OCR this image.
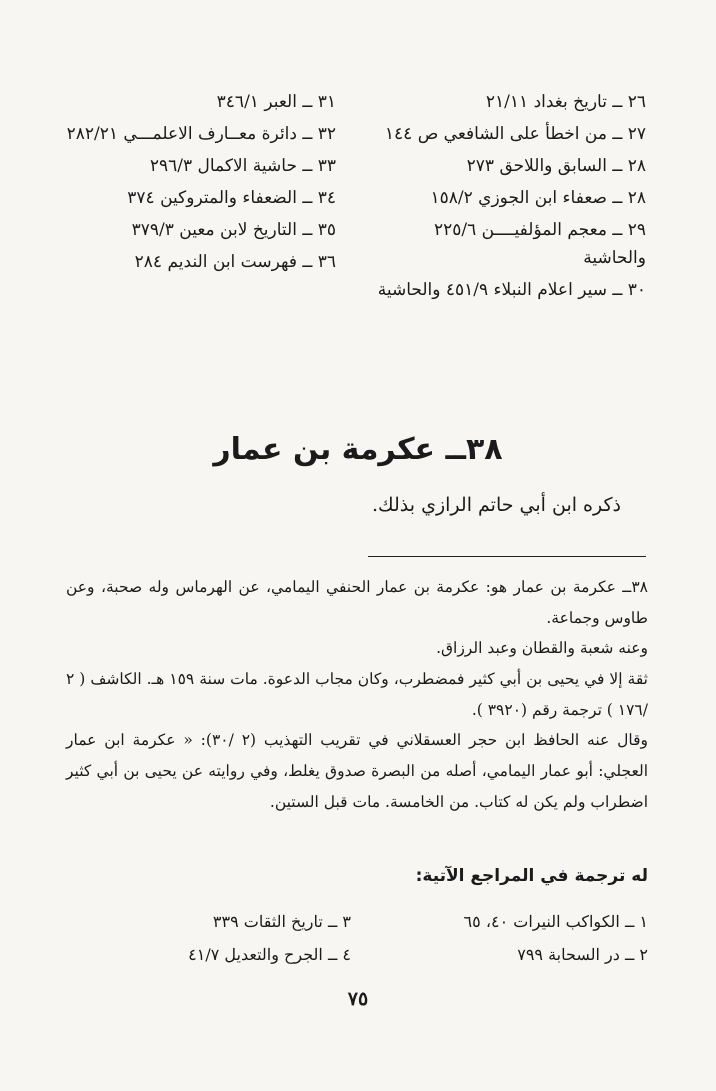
٢٦ ــ تاريخ بغداد ٢١/١١
٢٧ ــ من اخطأ على الشافعي ص ١٤٤
٢٨ ــ السابق واللاحق ٢٧٣
٢٨ ــ صعفاء ابن الجوزي ١٥٨/٢
٢٩ ــ معجم المؤلفيــــن ٢٢٥/٦ والحاشية
٣٠ ــ سير اعلام النبلاء ٤٥١/٩ والحاشية
٣١ ــ العبر ٣٤٦/١
٣٢ ــ دائرة معــارف الاعلمـــي ٢٨٢/٢١
٣٣ ــ حاشية الاكمال ٢٩٦/٣
٣٤ ــ الضعفاء والمتروكين ٣٧٤
٣٥ ــ التاريخ لابن معين ٣٧٩/٣
٣٦ ــ فهرست ابن النديم ٢٨٤
٣٨ــ عكرمة بن عمار
ذكره ابن أبي حاتم الرازي بذلك.

٣٨ــ عكرمة بن عمار هو: عكرمة بن عمار الحنفي اليمامي، عن الهرماس وله صحبة، وعن طاوس وجماعة.

وعنه شعبة والقطان وعبد الرزاق.

ثقة إلا في يحيى بن أبي كثير فمضطرب، وكان مجاب الدعوة. مات سنة ١٥٩ هـ. الكاشف ( ٢ /١٧٦ ) ترجمة رقم (٣٩٢٠ ).

وقال عنه الحافظ ابن حجر العسقلاني في تقريب التهذيب (٢ /٣٠): « عكرمة ابن عمار العجلي: أبو عمار اليمامي، أصله من البصرة صدوق يغلط، وفي روايته عن يحيى بن أبي كثير اضطراب ولم يكن له كتاب. من الخامسة. مات قبل الستين.

له ترجمة في المراجع الآتية:
١ ــ الكواكب النيرات ٤٠، ٦٥
٢ ــ در السحابة ٧٩٩
٣ ــ تاريخ الثقات ٣٣٩
٤ ــ الجرح والتعديل ٤١/٧
٧٥
